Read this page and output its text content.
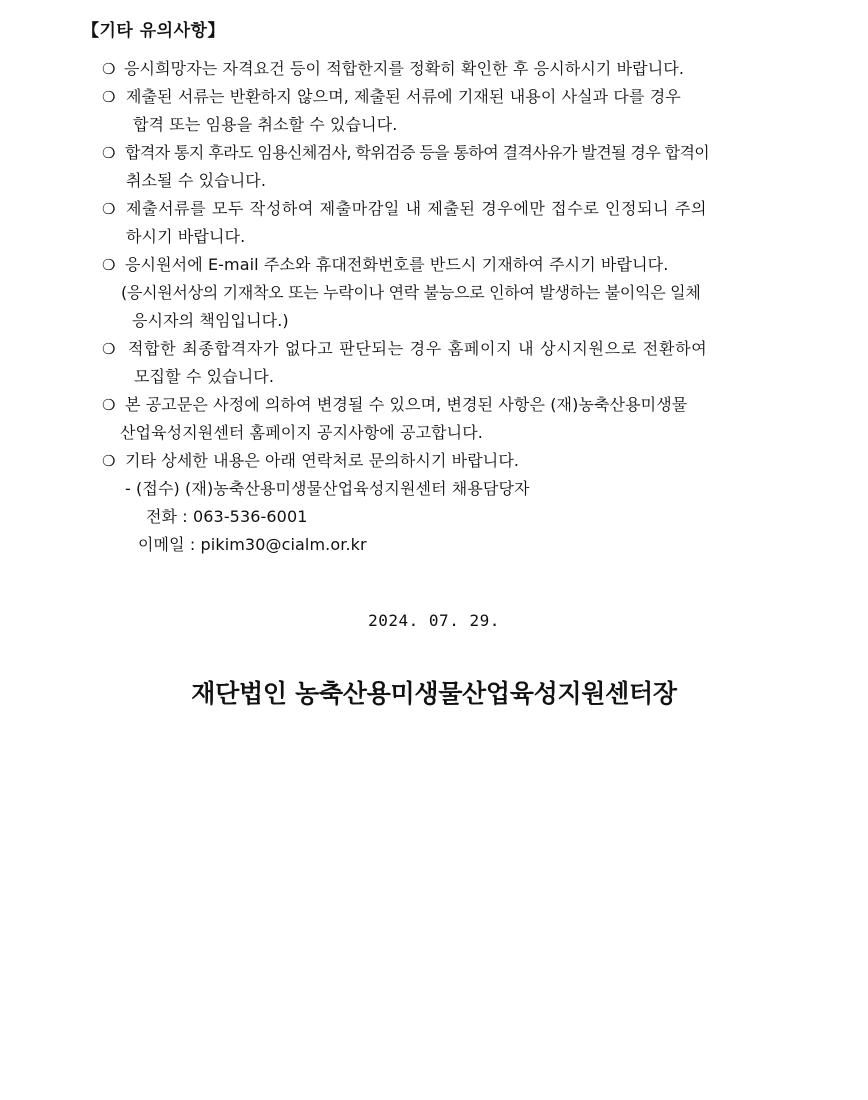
【기타 유의사항】
❍ 응시희망자는 자격요건 등이 적합한지를 정확히 확인한 후 응시하시기 바랍니다.
❍ 제출된 서류는 반환하지 않으며, 제출된 서류에 기재된 내용이 사실과 다를 경우
합격 또는 임용을 취소할 수 있습니다.
❍ 합격자 통지 후라도 임용신체검사, 학위검증 등을 통하여 결격사유가 발견될 경우 합격이
취소될 수 있습니다.
❍ 제출서류를 모두 작성하여 제출마감일 내 제출된 경우에만 접수로 인정되니 주의
하시기 바랍니다.
❍ 응시원서에 E-mail 주소와 휴대전화번호를 반드시 기재하여 주시기 바랍니다.
(응시원서상의 기재착오 또는 누락이나 연락 불능으로 인하여 발생하는 불이익은 일체
응시자의 책임입니다.)
❍ 적합한 최종합격자가 없다고 판단되는 경우 홈페이지 내 상시지원으로 전환하여
모집할 수 있습니다.
❍ 본 공고문은 사정에 의하여 변경될 수 있으며, 변경된 사항은 (재)농축산용미생물
산업육성지원센터 홈페이지 공지사항에 공고합니다.
❍ 기타 상세한 내용은 아래 연락처로 문의하시기 바랍니다.
- (접수) (재)농축산용미생물산업육성지원센터 채용담당자
전화 : 063-536-6001
이메일 : pikim30@cialm.or.kr
2024. 07. 29.
재단법인 농축산용미생물산업육성지원센터장
